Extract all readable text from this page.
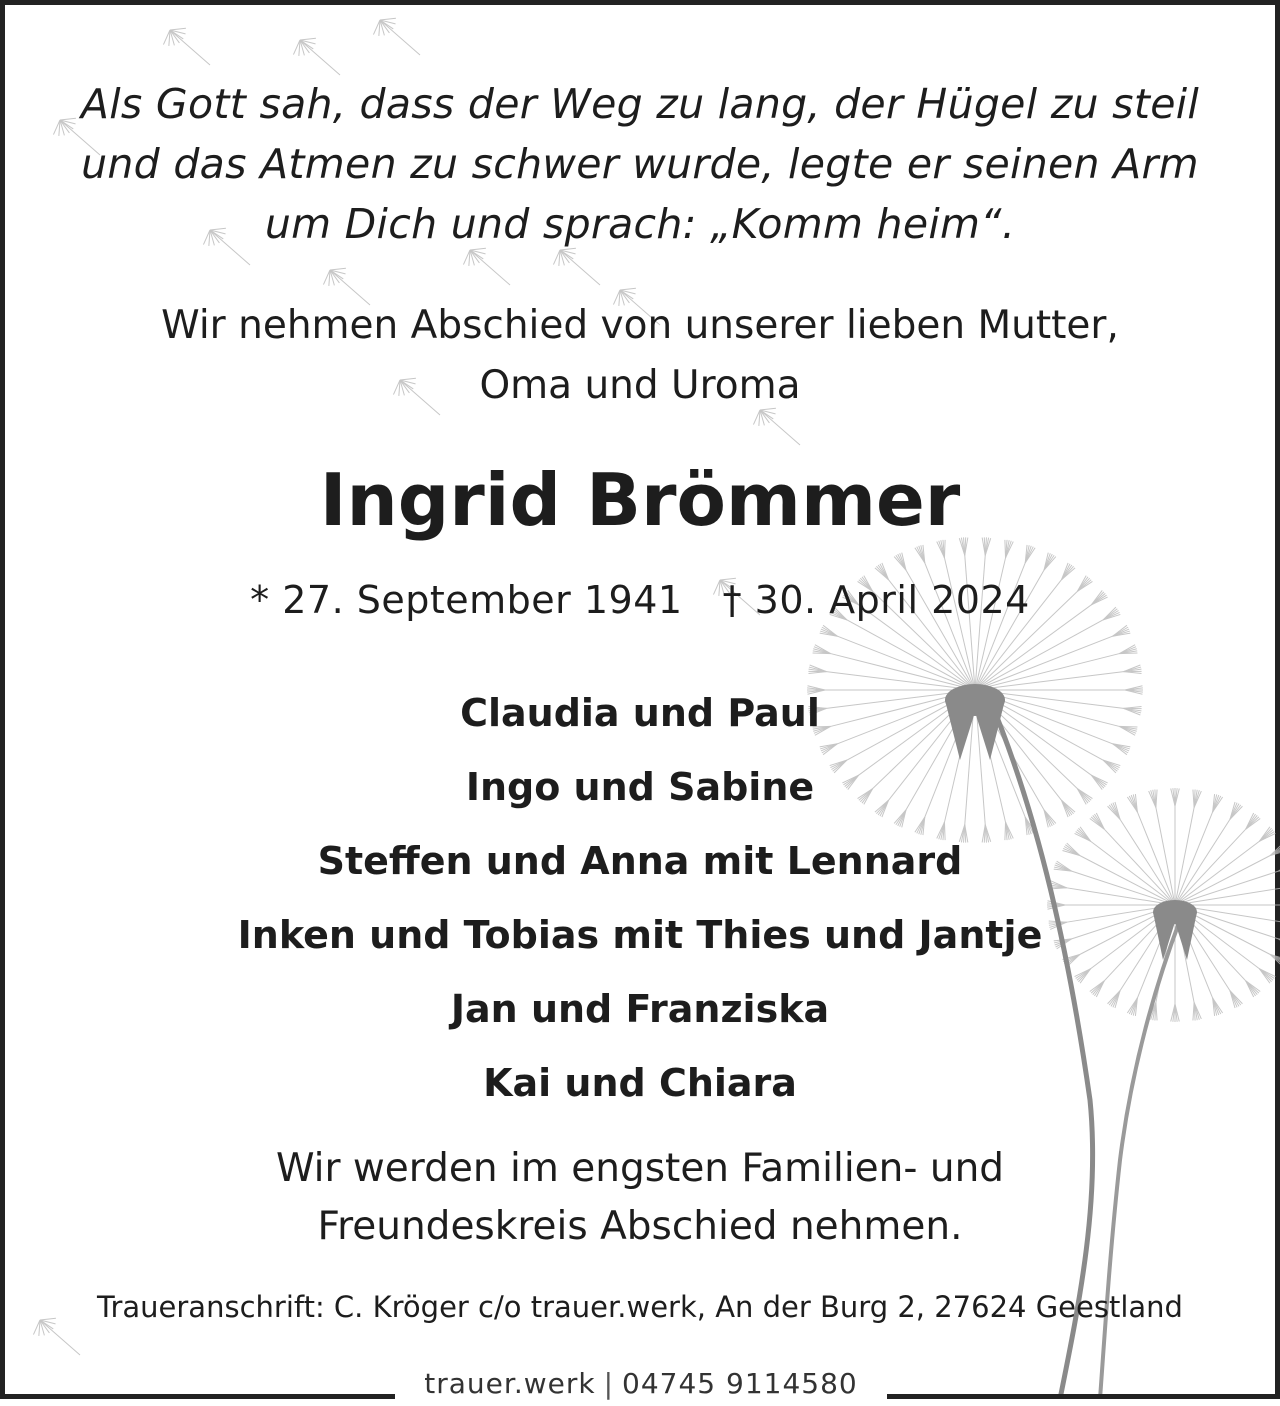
Als Gott sah, dass der Weg zu lang, der Hügel zu steil
und das Atmen zu schwer wurde, legte er seinen Arm
um Dich und sprach: „Komm heim“.
Wir nehmen Abschied von unserer lieben Mutter,
Oma und Uroma
Ingrid Brömmer
* 27. September 1941 † 30. April 2024
Claudia und Paul
Ingo und Sabine
Steffen und Anna mit Lennard
Inken und Tobias mit Thies und Jantje
Jan und Franziska
Kai und Chiara
Wir werden im engsten Familien- und
Freundeskreis Abschied nehmen.
Traueranschrift: C. Kröger c/o trauer.werk, An der Burg 2, 27624 Geestland
trauer.werk | 04745 9114580
